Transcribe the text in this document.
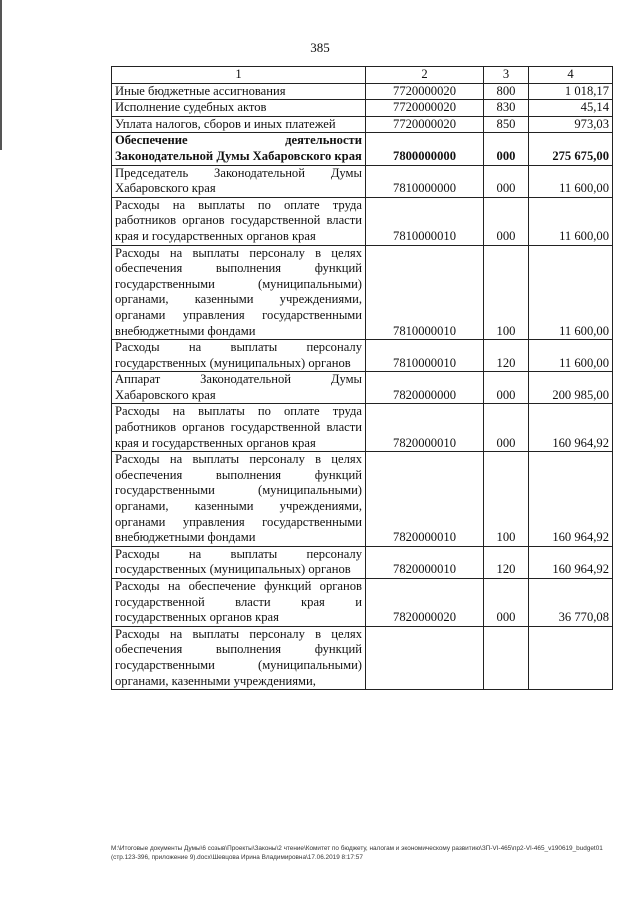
385
1	2	3	4
Иные бюджетные ассигнования	7720000020	800	1 018,17
Исполнение судебных актов	7720000020	830	45,14
Уплата налогов, сборов и иных платежей	7720000020	850	973,03
Обеспечение деятельности Законодательной Думы Хабаровского края	7800000000	000	275 675,00
Председатель Законодательной Думы Хабаровского края	7810000000	000	11 600,00
Расходы на выплаты по оплате труда работников органов государственной власти края и государственных органов края	7810000010	000	11 600,00
Расходы на выплаты персоналу в целях обеспечения выполнения функций государственными (муниципальными) органами, казенными учреждениями, органами управления государственными внебюджетными фондами	7810000010	100	11 600,00
Расходы на выплаты персоналу государственных (муниципальных) органов	7810000010	120	11 600,00
Аппарат Законодательной Думы Хабаровского края	7820000000	000	200 985,00
Расходы на выплаты по оплате труда работников органов государственной власти края и государственных органов края	7820000010	000	160 964,92
Расходы на выплаты персоналу в целях обеспечения выполнения функций государственными (муниципальными) органами, казенными учреждениями, органами управления государственными внебюджетными фондами	7820000010	100	160 964,92
Расходы на выплаты персоналу государственных (муниципальных) органов	7820000010	120	160 964,92
Расходы на обеспечение функций органов государственной власти края и государственных органов края	7820000020	000	36 770,08
Расходы на выплаты персоналу в целях обеспечения выполнения функций государственными (муниципальными) органами, казенными учреждениями,			
М:\Итоговые документы Думы\6 созыв\Проекты\Законы\2 чтение\Комитет по бюджету, налогам и экономическому развитию\ЗП-VI-465\пр2-VI-465_v190619_budget01 (стр.123-396, приложение 9).docx\Шевцова Ирина Владимировна\17.06.2019 8:17:57
